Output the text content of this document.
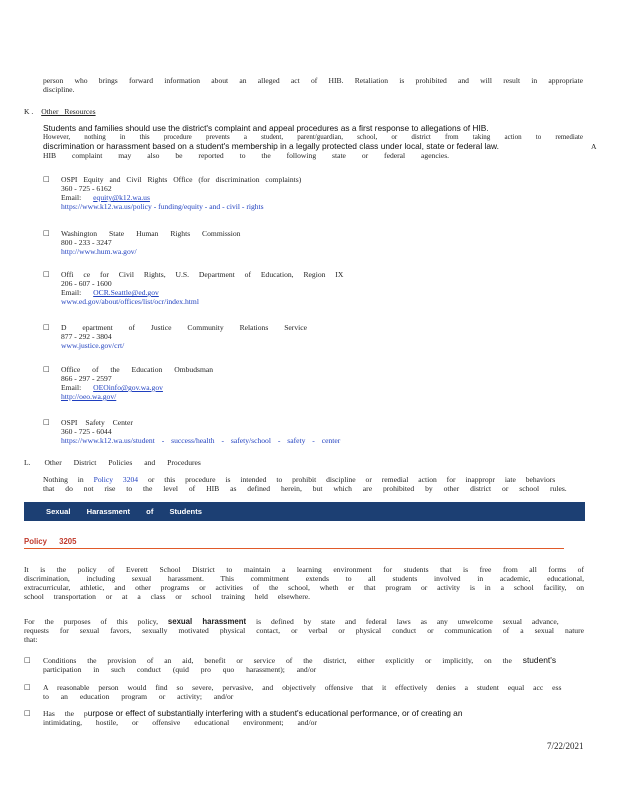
person who brings forward information about an alleged act of HIB. Retaliation is prohibited and will result in appropriate
discipline.
K . Other Resources
Students and families should use the district's complaint and appeal procedures as a first response to allegations of HIB.
However, nothing in this procedure prevents a student, parent/guardian, school, or district from taking action to remediate
discrimination or harassment based on a student's membership in a legally protected class under local, state or federal law.	A
HIB complaint may also be reported to the following state or federal agencies.
□ OSPI Equity and Civil Rights Office (for discrimination complaints)
360 - 725 - 6162
Email: equity@k12.wa.us
https://www.k12.wa.us/policy - funding/equity - and - civil - rights
□ Washington State Human Rights Commission
800 - 233 - 3247
http://www.hum.wa.gov/
□ Offi ce for Civil Rights, U.S. Department of Education, Region IX
206 - 607 - 1600
Email: OCR.Seattle@ed.gov
www.ed.gov/about/offices/list/ocr/index.html
□ D epartment of Justice Community Relations Service
877 - 292 - 3804
www.justice.gov/crt/
□ Office of the Education Ombudsman
866 - 297 - 2597
Email: OEOinfo@gov.wa.gov
http://oeo.wa.gov/
□ OSPI Safety Center
360 - 725 - 6044
https://www.k12.wa.us/student - success/health - safety/school - safety - center
L. Other District Policies and Procedures
Nothing in Policy 3204 or this procedure is intended to prohibit discipline or remedial action for inappropr iate behaviors
that do not rise to the level of HIB as defined herein, but which are prohibited by other district or school rules.
Sexual Harassment of Students
Policy 3205
It is the policy of Everett School District to maintain a learning environment for students that is free from all forms of
discrimination, including sexual harassment. This commitment extends to all students involved in academic, educational,
extracurricular, athletic, and other programs or activities of the school, wheth er that program or activity is in a school facility, on
school transportation or at a class or school training held elsewhere.
For the purposes of this policy, sexual harassment is defined by state and federal laws as any unwelcome sexual advance,
requests for sexual favors, sexually motivated physical contact, or verbal or physical conduct or communication of a sexual nature
that:
□ Conditions the provision of an aid, benefit or service of the district, either explicitly or implicitly, on the student's
participation in such conduct (quid pro quo harassment); and/or
□ A reasonable person would find so severe, pervasive, and objectively offensive that it effectively denies a student equal acc ess
to an education program or activity; and/or
□ Has the purpose or effect of substantially interfering with a student's educational performance, or of creating an
intimidating, hostile, or offensive educational environment; and/or
7/22/2021
